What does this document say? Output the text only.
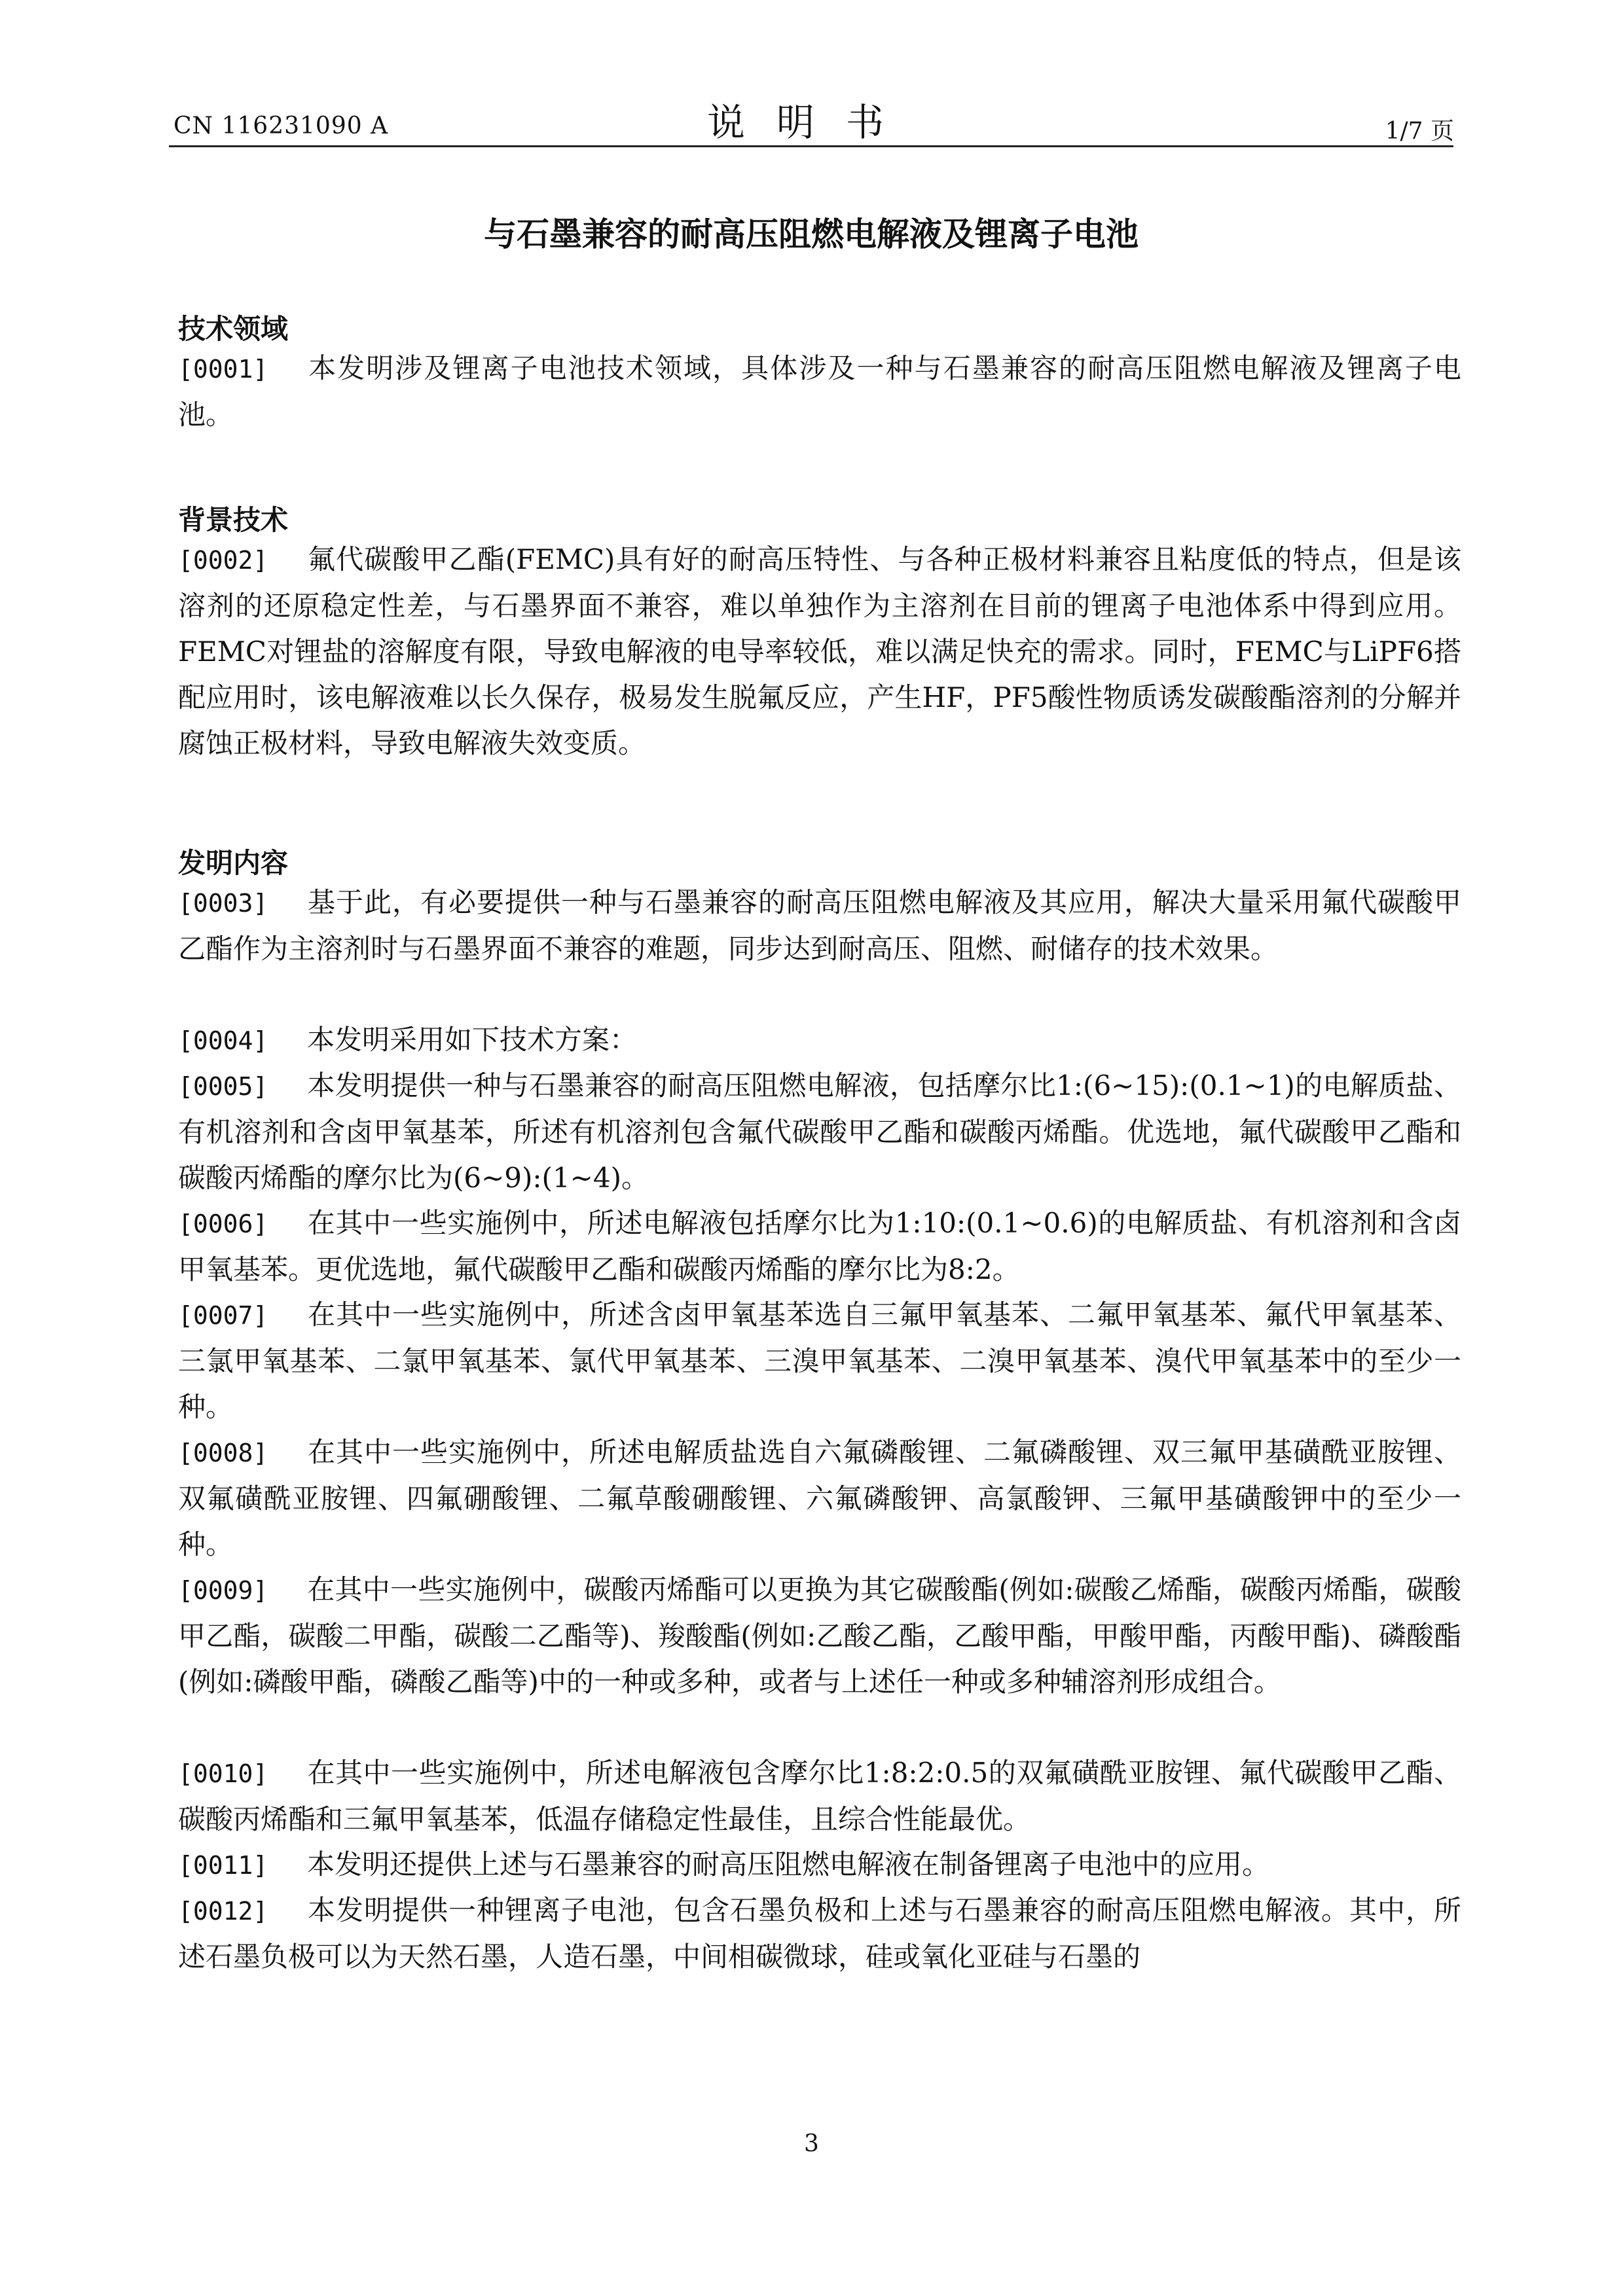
CN 116231090 A	说明书	1/7 页
与石墨兼容的耐高压阻燃电解液及锂离子电池
技术领域
[0001] 本发明涉及锂离子电池技术领域，具体涉及一种与石墨兼容的耐高压阻燃电解液及锂离子电池。
背景技术
[0002] 氟代碳酸甲乙酯(FEMC)具有好的耐高压特性、与各种正极材料兼容且粘度低的特点，但是该溶剂的还原稳定性差，与石墨界面不兼容，难以单独作为主溶剂在目前的锂离子电池体系中得到应用。FEMC对锂盐的溶解度有限，导致电解液的电导率较低，难以满足快充的需求。同时，FEMC与LiPF6搭配应用时，该电解液难以长久保存，极易发生脱氟反应，产生HF，PF5酸性物质诱发碳酸酯溶剂的分解并腐蚀正极材料，导致电解液失效变质。
发明内容
[0003] 基于此，有必要提供一种与石墨兼容的耐高压阻燃电解液及其应用，解决大量采用氟代碳酸甲乙酯作为主溶剂时与石墨界面不兼容的难题，同步达到耐高压、阻燃、耐储存的技术效果。
[0004] 本发明采用如下技术方案：
[0005] 本发明提供一种与石墨兼容的耐高压阻燃电解液，包括摩尔比1:(6~15):(0.1~1)的电解质盐、有机溶剂和含卤甲氧基苯，所述有机溶剂包含氟代碳酸甲乙酯和碳酸丙烯酯。优选地，氟代碳酸甲乙酯和碳酸丙烯酯的摩尔比为(6~9):(1~4)。
[0006] 在其中一些实施例中，所述电解液包括摩尔比为1:10:(0.1~0.6)的电解质盐、有机溶剂和含卤甲氧基苯。更优选地，氟代碳酸甲乙酯和碳酸丙烯酯的摩尔比为8:2。
[0007] 在其中一些实施例中，所述含卤甲氧基苯选自三氟甲氧基苯、二氟甲氧基苯、氟代甲氧基苯、三氯甲氧基苯、二氯甲氧基苯、氯代甲氧基苯、三溴甲氧基苯、二溴甲氧基苯、溴代甲氧基苯中的至少一种。
[0008] 在其中一些实施例中，所述电解质盐选自六氟磷酸锂、二氟磷酸锂、双三氟甲基磺酰亚胺锂、双氟磺酰亚胺锂、四氟硼酸锂、二氟草酸硼酸锂、六氟磷酸钾、高氯酸钾、三氟甲基磺酸钾中的至少一种。
[0009] 在其中一些实施例中，碳酸丙烯酯可以更换为其它碳酸酯(例如:碳酸乙烯酯，碳酸丙烯酯，碳酸甲乙酯，碳酸二甲酯，碳酸二乙酯等)、羧酸酯(例如:乙酸乙酯，乙酸甲酯，甲酸甲酯，丙酸甲酯)、磷酸酯(例如:磷酸甲酯，磷酸乙酯等)中的一种或多种，或者与上述任一种或多种辅溶剂形成组合。
[0010] 在其中一些实施例中，所述电解液包含摩尔比1:8:2:0.5的双氟磺酰亚胺锂、氟代碳酸甲乙酯、碳酸丙烯酯和三氟甲氧基苯，低温存储稳定性最佳，且综合性能最优。
[0011] 本发明还提供上述与石墨兼容的耐高压阻燃电解液在制备锂离子电池中的应用。
[0012] 本发明提供一种锂离子电池，包含石墨负极和上述与石墨兼容的耐高压阻燃电解液。其中，所述石墨负极可以为天然石墨，人造石墨，中间相碳微球，硅或氧化亚硅与石墨的
3
